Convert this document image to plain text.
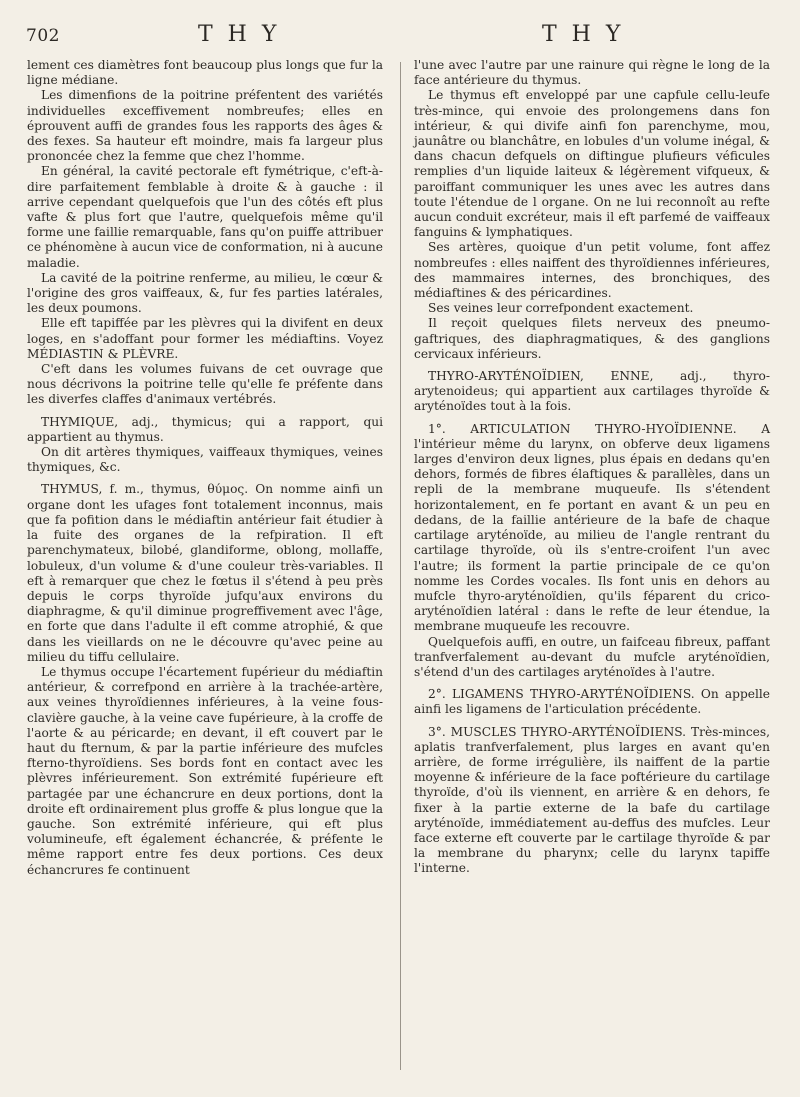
702	T H Y	T H Y

lement ces diamètres font beaucoup plus longs que fur la ligne médiane.

Les dimenfions de la poitrine préfentent des variétés individuelles exceffivement nombreufes; elles en éprouvent auffi de grandes fous les rapports des âges & des fexes. Sa hauteur eft moindre, mais fa largeur plus prononcée chez la femme que chez l'homme.

En général, la cavité pectorale eft fymétrique, c'eft-à-dire parfaitement femblable à droite & à gauche : il arrive cependant quelquefois que l'un des côtés eft plus vafte & plus fort que l'autre, quelquefois même qu'il forme une faillie remarquable, fans qu'on puiffe attribuer ce phénomène à aucun vice de conformation, ni à aucune maladie.

La cavité de la poitrine renferme, au milieu, le cœur & l'origine des gros vaiffeaux, &, fur fes parties latérales, les deux poumons.

Elle eft tapiffée par les plèvres qui la divifent en deux loges, en s'adoffant pour former les médiaftins. Voyez MÉDIASTIN & PLÈVRE.

C'eft dans les volumes fuivans de cet ouvrage que nous décrivons la poitrine telle qu'elle fe préfente dans les diverfes claffes d'animaux vertébrés.

THYMIQUE, adj., thymicus; qui a rapport, qui appartient au thymus.

On dit artères thymiques, vaiffeaux thymiques, veines thymiques, &c.

THYMUS, f. m., thymus, θύμος. On nomme ainfi un organe dont les ufages font totalement inconnus, mais que fa pofition dans le médiaftin antérieur fait étudier à la fuite des organes de la refpiration. Il eft parenchymateux, bilobé, glandiforme, oblong, mollaffe, lobuleux, d'un volume & d'une couleur très-variables. Il eft à remarquer que chez le fœtus il s'étend à peu près depuis le corps thyroïde jufqu'aux environs du diaphragme, & qu'il diminue progreffivement avec l'âge, en forte que dans l'adulte il eft comme atrophié, & que dans les vieillards on ne le découvre qu'avec peine au milieu du tiffu cellulaire.

Le thymus occupe l'écartement fupérieur du médiaftin antérieur, & correfpond en arrière à la trachée-artère, aux veines thyroïdiennes inférieures, à la veine fous-clavière gauche, à la veine cave fupérieure, à la croffe de l'aorte & au péricarde; en devant, il eft couvert par le haut du fternum, & par la partie inférieure des mufcles fterno-thyroïdiens. Ses bords font en contact avec les plèvres inférieurement. Son extrémité fupérieure eft partagée par une échancrure en deux portions, dont la droite eft ordinairement plus groffe & plus longue que la gauche. Son extrémité inférieure, qui eft plus volumineufe, eft également échancrée, & préfente le même rapport entre fes deux portions. Ces deux échancrures fe continuent

l'une avec l'autre par une rainure qui règne le long de la face antérieure du thymus.

Le thymus eft enveloppé par une capfule cellu-leufe très-mince, qui envoie des prolongemens dans fon intérieur, & qui divife ainfi fon parenchyme, mou, jaunâtre ou blanchâtre, en lobules d'un volume inégal, & dans chacun defquels on diftingue plufieurs véficules remplies d'un liquide laiteux & légèrement vifqueux, & paroiffant communiquer les unes avec les autres dans toute l'étendue de l organe. On ne lui reconnoît au refte aucun conduit excréteur, mais il eft parfemé de vaiffeaux fanguins & lymphatiques.

Ses artères, quoique d'un petit volume, font affez nombreufes : elles naiffent des thyroïdiennes inférieures, des mammaires internes, des bronchiques, des médiaftines & des péricardines.

Ses veines leur correfpondent exactement.

Il reçoit quelques filets nerveux des pneumo-gaftriques, des diaphragmatiques, & des ganglions cervicaux inférieurs.

THYRO-ARYTÉNOÏDIEN, ENNE, adj., thyro-arytenoideus; qui appartient aux cartilages thyroïde & aryténoïdes tout à la fois.

1°. ARTICULATION THYRO-HYOÏDIENNE. A l'intérieur même du larynx, on obferve deux ligamens larges d'environ deux lignes, plus épais en dedans qu'en dehors, formés de fibres élaftiques & parallèles, dans un repli de la membrane muqueufe. Ils s'étendent horizontalement, en fe portant en avant & un peu en dedans, de la faillie antérieure de la bafe de chaque cartilage aryténoïde, au milieu de l'angle rentrant du cartilage thyroïde, où ils s'entre-croifent l'un avec l'autre; ils forment la partie principale de ce qu'on nomme les Cordes vocales. Ils font unis en dehors au mufcle thyro-aryténoïdien, qu'ils féparent du crico-aryténoïdien latéral : dans le refte de leur étendue, la membrane muqueufe les recouvre.

Quelquefois auffi, en outre, un faifceau fibreux, paffant tranfverfalement au-devant du mufcle aryténoïdien, s'étend d'un des cartilages aryténoïdes à l'autre.

2°. LIGAMENS THYRO-ARYTÉNOÏDIENS. On appelle ainfi les ligamens de l'articulation précédente.

3°. MUSCLES THYRO-ARYTÉNOÏDIENS. Très-minces, aplatis tranfverfalement, plus larges en avant qu'en arrière, de forme irrégulière, ils naiffent de la partie moyenne & inférieure de la face poftérieure du cartilage thyroïde, d'où ils viennent, en arrière & en dehors, fe fixer à la partie externe de la bafe du cartilage aryténoïde, immédiatement au-deffus des mufcles. Leur face externe eft couverte par le cartilage thyroïde & par la membrane du pharynx; celle du larynx tapiffe l'interne.
